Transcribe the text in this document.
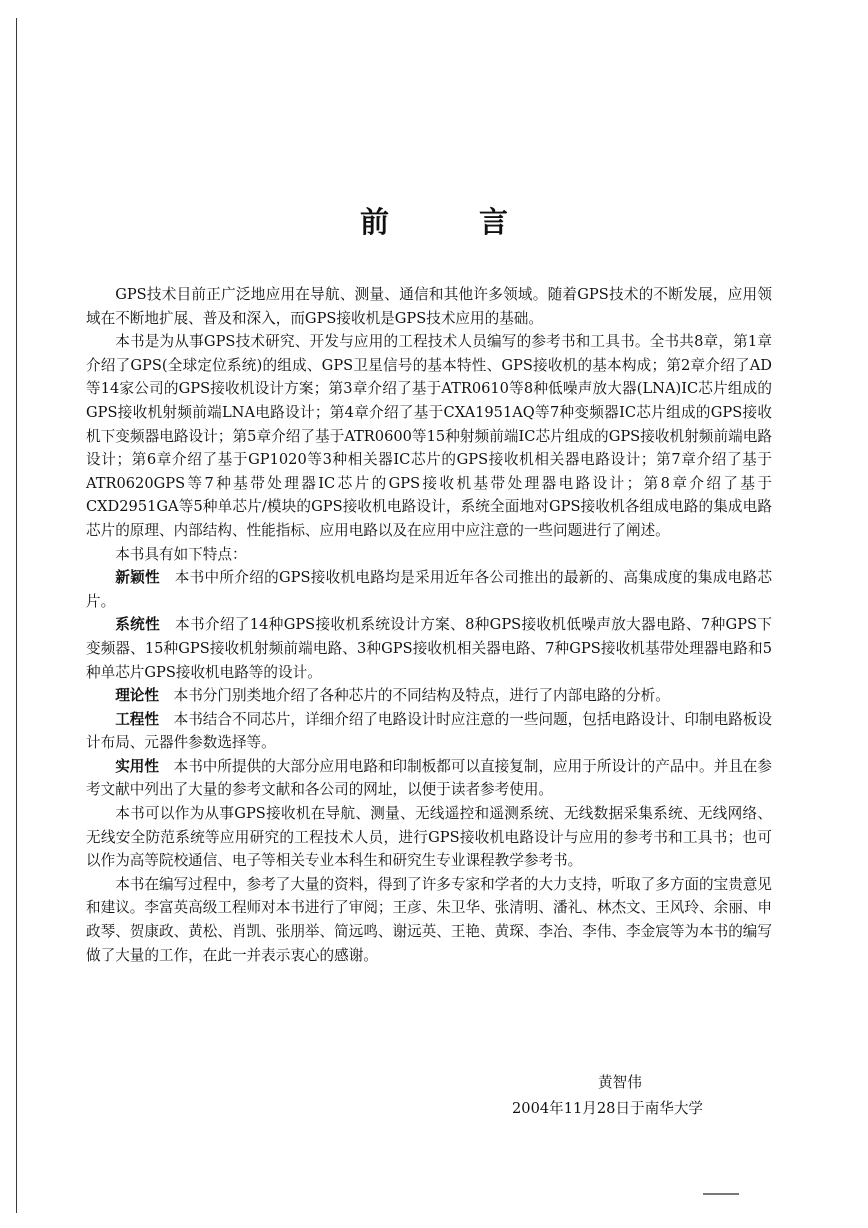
前 言

GPS技术目前正广泛地应用在导航、测量、通信和其他许多领域。随着GPS技术的不断发展，应用领域在不断地扩展、普及和深入，而GPS接收机是GPS技术应用的基础。

本书是为从事GPS技术研究、开发与应用的工程技术人员编写的参考书和工具书。全书共8章，第1章介绍了GPS(全球定位系统)的组成、GPS卫星信号的基本特性、GPS接收机的基本构成；第2章介绍了AD等14家公司的GPS接收机设计方案；第3章介绍了基于ATR0610等8种低噪声放大器(LNA)IC芯片组成的GPS接收机射频前端LNA电路设计；第4章介绍了基于CXA1951AQ等7种变频器IC芯片组成的GPS接收机下变频器电路设计；第5章介绍了基于ATR0600等15种射频前端IC芯片组成的GPS接收机射频前端电路设计；第6章介绍了基于GP1020等3种相关器IC芯片的GPS接收机相关器电路设计；第7章介绍了基于ATR0620GPS等7种基带处理器IC芯片的GPS接收机基带处理器电路设计；第8章介绍了基于CXD2951GA等5种单芯片/模块的GPS接收机电路设计，系统全面地对GPS接收机各组成电路的集成电路芯片的原理、内部结构、性能指标、应用电路以及在应用中应注意的一些问题进行了阐述。

本书具有如下特点：

新颖性　 本书中所介绍的GPS接收机电路均是采用近年各公司推出的最新的、高集成度的集成电路芯片。

系统性　 本书介绍了14种GPS接收机系统设计方案、8种GPS接收机低噪声放大器电路、7种GPS下变频器、15种GPS接收机射频前端电路、3种GPS接收机相关器电路、7种GPS接收机基带处理器电路和5种单芯片GPS接收机电路等的设计。

理论性　 本书分门别类地介绍了各种芯片的不同结构及特点，进行了内部电路的分析。

工程性　 本书结合不同芯片，详细介绍了电路设计时应注意的一些问题，包括电路设计、印制电路板设计布局、元器件参数选择等。

实用性　 本书中所提供的大部分应用电路和印制板都可以直接复制，应用于所设计的产品中。并且在参考文献中列出了大量的参考文献和各公司的网址，以便于读者参考使用。

本书可以作为从事GPS接收机在导航、测量、无线遥控和遥测系统、无线数据采集系统、无线网络、无线安全防范系统等应用研究的工程技术人员，进行GPS接收机电路设计与应用的参考书和工具书；也可以作为高等院校通信、电子等相关专业本科生和研究生专业课程教学参考书。

本书在编写过程中，参考了大量的资料，得到了许多专家和学者的大力支持，听取了多方面的宝贵意见和建议。李富英高级工程师对本书进行了审阅；王彦、朱卫华、张清明、潘礼、林杰文、王风玲、余丽、申政琴、贺康政、黄松、肖凯、张朋举、简远鸣、谢远英、王艳、黄琛、李冶、李伟、李金宸等为本书的编写做了大量的工作，在此一并表示衷心的感谢。

黄智伟
2004年11月28日于南华大学
